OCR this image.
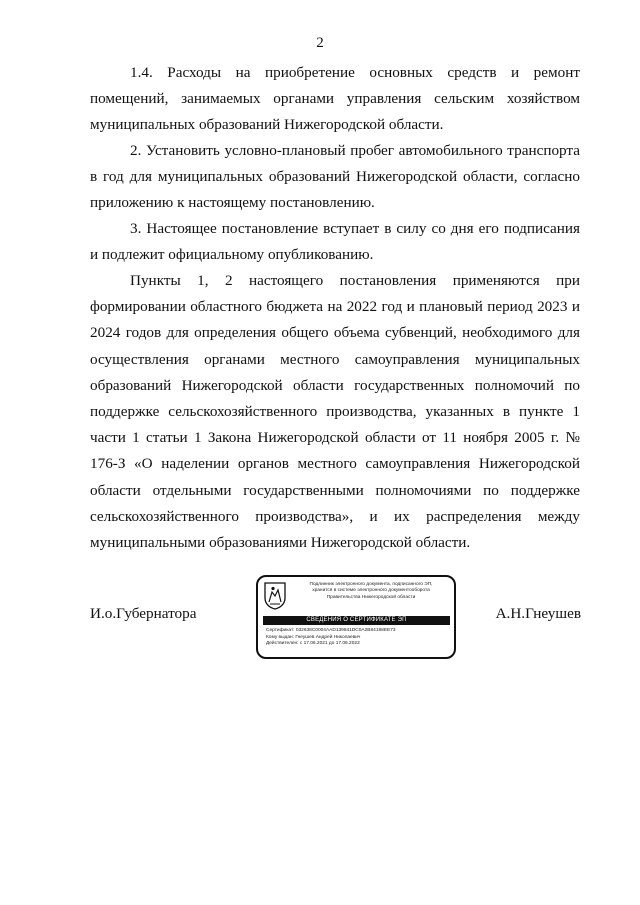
2

1.4. Расходы на приобретение основных средств и ремонт помещений, занимаемых органами управления сельским хозяйством муниципальных образований Нижегородской области.

2. Установить условно-плановый пробег автомобильного транспорта в год для муниципальных образований Нижегородской области, согласно приложению к настоящему постановлению.

3. Настоящее постановление вступает в силу со дня его подписания и подлежит официальному опубликованию.

Пункты 1, 2 настоящего постановления применяются при формировании областного бюджета на 2022 год и плановый период 2023 и 2024 годов для определения общего объема субвенций, необходимого для осуществления органами местного самоуправления муниципальных образований Нижегородской области государственных полномочий по поддержке сельскохозяйственного производства, указанных в пункте 1 части 1 статьи 1 Закона Нижегородской области от 11 ноября 2005 г. № 176-З «О наделении органов местного самоуправления Нижегородской области отдельными государственными полномочиями по поддержке сельскохозяйственного производства», и их распределения между муниципальными образованиями Нижегородской области.

И.о.Губернатора	А.Н.Гнеушев
Подлинник электронного документа, подписанного ЭП,
хранится в системе электронного документооборота
Правительства Нижегородской области
СВЕДЕНИЯ О СЕРТИФИКАТЕ ЭП
Сертификат: 032638C0004AAD139841DC0A2B84188EE73
Кому выдан: Гнеушев Андрей Николаевич
Действителен: с 17.06.2021 до 17.06.2022
